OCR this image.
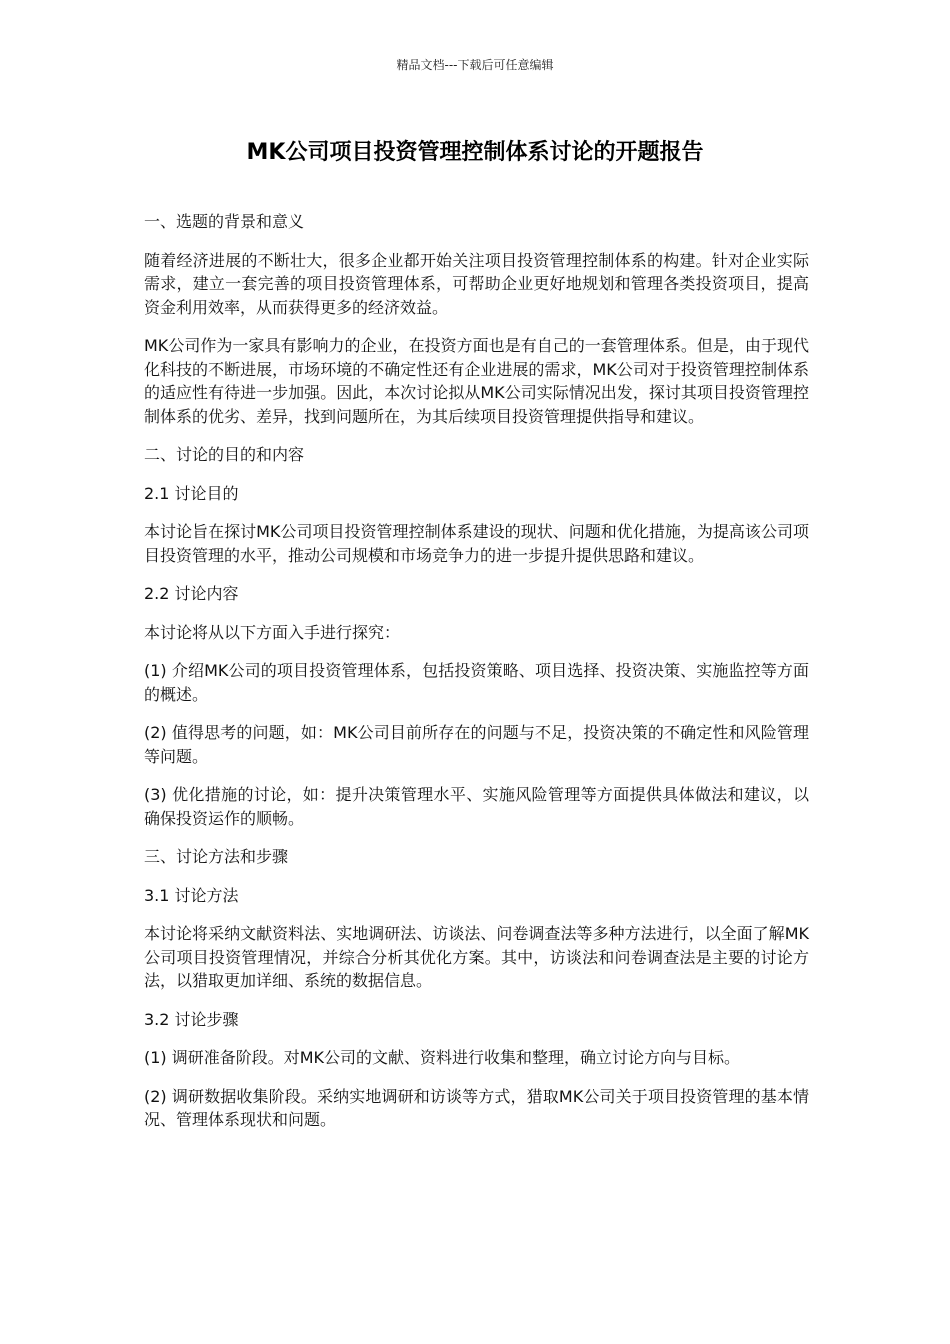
精品文档---下载后可任意编辑
MK公司项目投资管理控制体系讨论的开题报告

一、选题的背景和意义

随着经济进展的不断壮大，很多企业都开始关注项目投资管理控制体系的构建。针对企业实际需求，建立一套完善的项目投资管理体系，可帮助企业更好地规划和管理各类投资项目，提高资金利用效率，从而获得更多的经济效益。

MK公司作为一家具有影响力的企业，在投资方面也是有自己的一套管理体系。但是，由于现代化科技的不断进展，市场环境的不确定性还有企业进展的需求，MK公司对于投资管理控制体系的适应性有待进一步加强。因此，本次讨论拟从MK公司实际情况出发，探讨其项目投资管理控制体系的优劣、差异，找到问题所在，为其后续项目投资管理提供指导和建议。

二、讨论的目的和内容

2.1 讨论目的

本讨论旨在探讨MK公司项目投资管理控制体系建设的现状、问题和优化措施，为提高该公司项目投资管理的水平，推动公司规模和市场竞争力的进一步提升提供思路和建议。

2.2 讨论内容

本讨论将从以下方面入手进行探究：

(1) 介绍MK公司的项目投资管理体系，包括投资策略、项目选择、投资决策、实施监控等方面的概述。

(2) 值得思考的问题，如：MK公司目前所存在的问题与不足，投资决策的不确定性和风险管理等问题。

(3) 优化措施的讨论，如：提升决策管理水平、实施风险管理等方面提供具体做法和建议，以确保投资运作的顺畅。

三、讨论方法和步骤

3.1 讨论方法

本讨论将采纳文献资料法、实地调研法、访谈法、问卷调查法等多种方法进行，以全面了解MK公司项目投资管理情况，并综合分析其优化方案。其中，访谈法和问卷调查法是主要的讨论方法，以猎取更加详细、系统的数据信息。

3.2 讨论步骤

(1) 调研准备阶段。对MK公司的文献、资料进行收集和整理，确立讨论方向与目标。

(2) 调研数据收集阶段。采纳实地调研和访谈等方式，猎取MK公司关于项目投资管理的基本情况、管理体系现状和问题。
